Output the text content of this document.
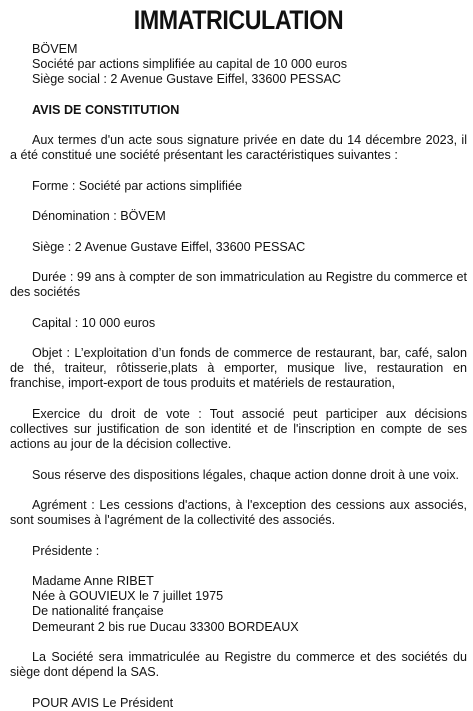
IMMATRICULATION

BÖVEM

Société par actions simplifiée au capital de 10 000 euros

Siège social : 2 Avenue Gustave Eiffel, 33600 PESSAC

AVIS DE CONSTITUTION

Aux termes d'un acte sous signature privée en date du 14 décembre 2023, il a été constitué une société présentant les caractéristiques suivantes :

Forme : Société par actions simplifiée

Dénomination : BÖVEM

Siège : 2 Avenue Gustave Eiffel, 33600 PESSAC

Durée : 99 ans à compter de son immatriculation au Registre du commerce et des sociétés

Capital : 10 000 euros

Objet : L’exploitation d’un fonds de commerce de restaurant, bar, café, salon de thé, traiteur, rôtisserie,plats à emporter, musique live, restauration en franchise, import-export de tous produits et matériels de restauration,

Exercice du droit de vote : Tout associé peut participer aux décisions collectives sur justification de son identité et de l'inscription en compte de ses actions au jour de la décision collective.

Sous réserve des dispositions légales, chaque action donne droit à une voix.

Agrément : Les cessions d'actions, à l'exception des cessions aux associés, sont soumises à l'agrément de la collectivité des associés.

Présidente :

Madame Anne RIBET

Née à GOUVIEUX le 7 juillet 1975

De nationalité française

Demeurant 2 bis rue Ducau 33300 BORDEAUX

La Société sera immatriculée au Registre du commerce et des sociétés du siège dont dépend la SAS.

POUR AVIS Le Président
